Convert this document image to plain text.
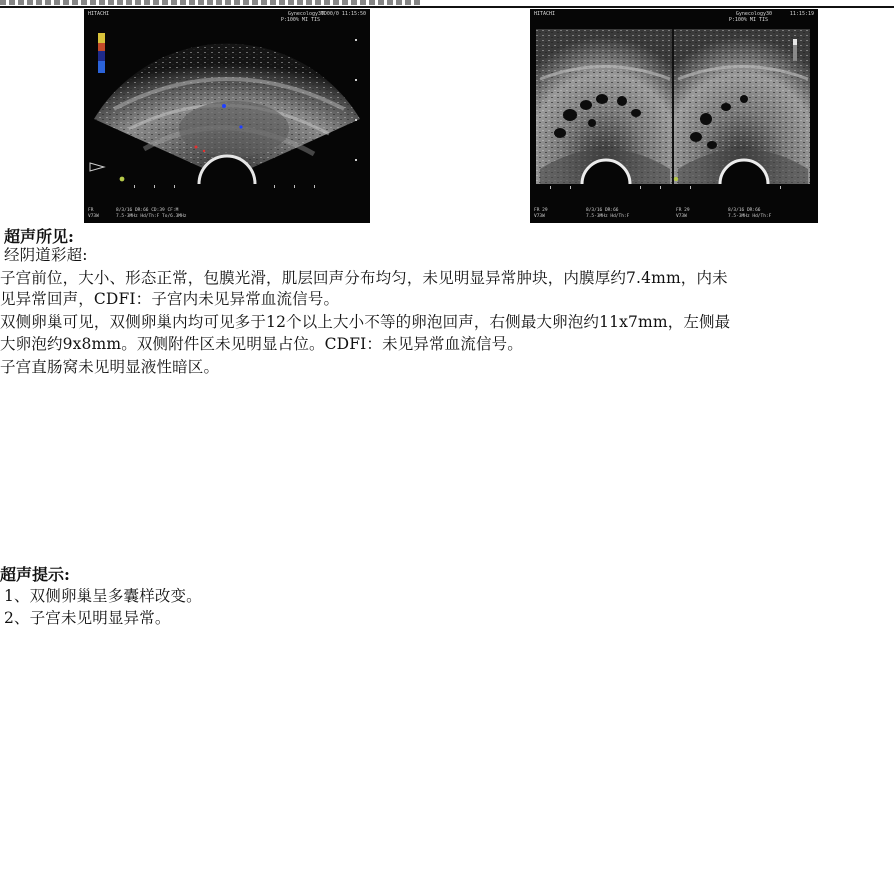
HITACHI	Gynecology30
TD00/0 11:15:50
P:100% MI TIS
FR
V73W
8/3/16 DR:66 CD:39 CF:M
7.5-3MHz Hd/Th:F To/6.3MHz
HITACHI	Gynecology30	11:15:19
P:100% MI TIS
FR 29
V73W
8/3/16 DR:66
7.5-3MHz Hd/Th:F
FR 29
V73W
8/3/16 DR:66
7.5-3MHz Hd/Th:F
超声所见:
经阴道彩超:
子宫前位，大小、形态正常，包膜光滑，肌层回声分布均匀，未见明显异常肿块，内膜厚约7.4mm，内未
见异常回声，CDFI：子宫内未见异常血流信号。
双侧卵巢可见，双侧卵巢内均可见多于12个以上大小不等的卵泡回声，右侧最大卵泡约11x7mm，左侧最
大卵泡约9x8mm。双侧附件区未见明显占位。CDFI：未见异常血流信号。
子宫直肠窝未见明显液性暗区。
超声提示:
1、双侧卵巢呈多囊样改变。
2、子宫未见明显异常。
